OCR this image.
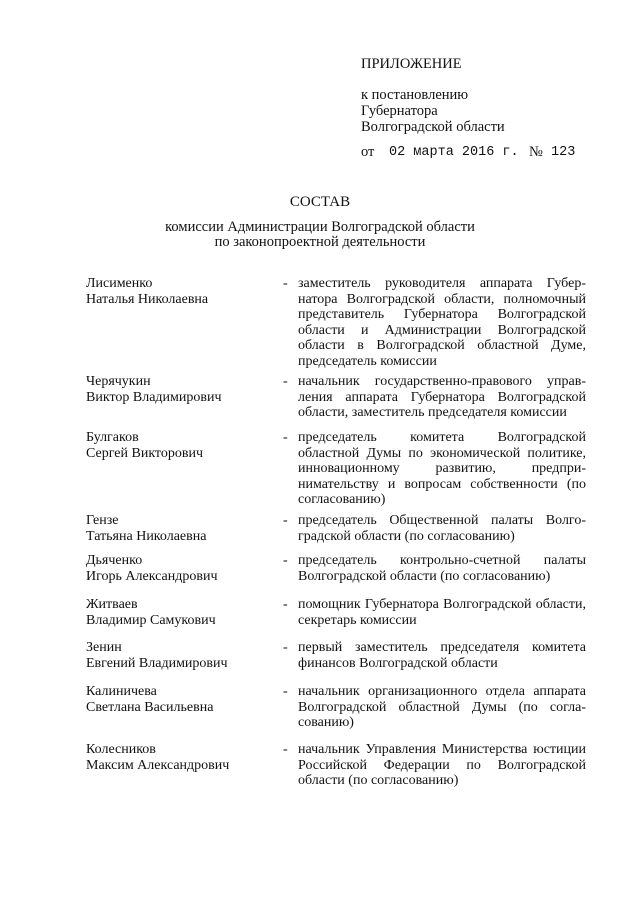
ПРИЛОЖЕНИЕ
к постановлению
Губернатора
Волгоградской области
от 02 марта 2016 г. № 123
СОСТАВ
комиссии Администрации Волгоградской области
по законопроектной деятельности
Лисименко
Наталья Николаевна
- заместитель руководителя аппарата Губернатора Волгоградской области, полномочный представитель Губернатора Волгоградской области и Администрации Волгоградской области в Волгоградской областной Думе, председатель комиссии
Черячукин
Виктор Владимирович
- начальник государственно-правового управления аппарата Губернатора Волгоградской области, заместитель председателя комиссии
Булгаков
Сергей Викторович
- председатель комитета Волгоградской областной Думы по экономической политике, инновационному развитию, предпринимательству и вопросам собственности (по согласованию)
Гензе
Татьяна Николаевна
- председатель Общественной палаты Волгоградской области (по согласованию)
Дьяченко
Игорь Александрович
- председатель контрольно-счетной палаты Волгоградской области (по согласованию)
Житваев
Владимир Самукович
- помощник Губернатора Волгоградской области, секретарь комиссии
Зенин
Евгений Владимирович
- первый заместитель председателя комитета финансов Волгоградской области
Калиничева
Светлана Васильевна
- начальник организационного отдела аппарата Волгоградской областной Думы (по согласованию)
Колесников
Максим Александрович
- начальник Управления Министерства юстиции Российской Федерации по Волгоградской области (по согласованию)
